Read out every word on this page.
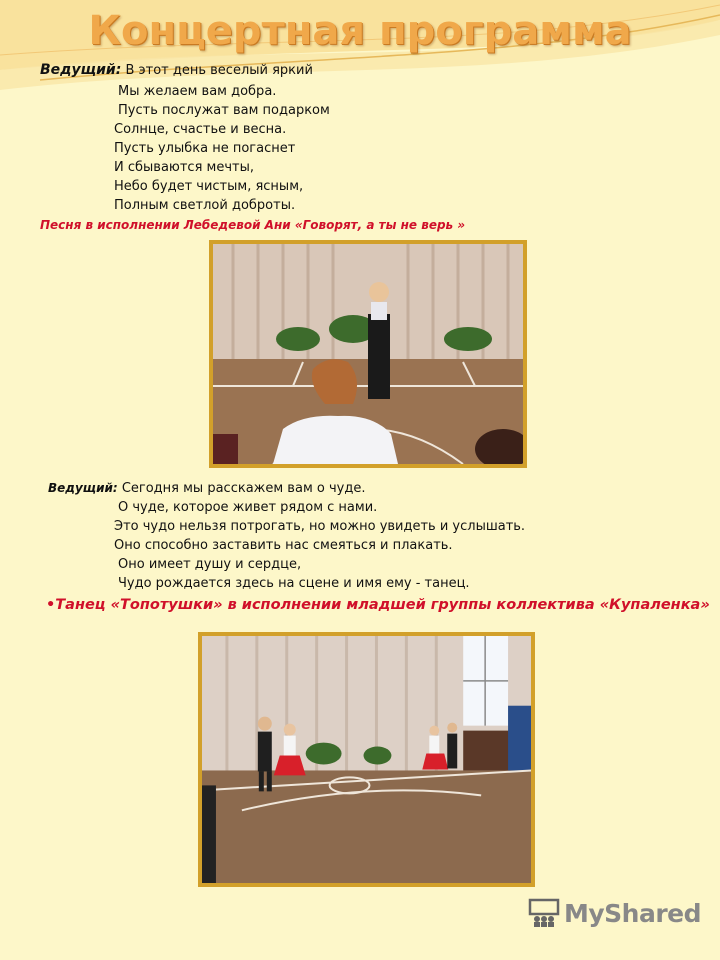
Концертная программа
Ведущий: В этот день веселый яркий
Мы желаем вам добра.
Пусть послужат вам подарком
Солнце, счастье и весна.
Пусть улыбка не погаснет
И сбываются мечты,
Небо будет чистым, ясным,
Полным светлой доброты.
Песня в исполнении Лебедевой Ани «Говорят, а ты не верь »
Ведущий: Сегодня мы расскажем вам о чуде.
О чуде, которое живет рядом с нами.
Это чудо нельзя потрогать, но можно увидеть и услышать.
Оно способно заставить нас смеяться и плакать.
Оно имеет душу и сердце,
Чудо рождается здесь на сцене и имя ему - танец.
•Танец «Топотушки» в исполнении младшей группы коллектива «Купаленка»
MyShared
